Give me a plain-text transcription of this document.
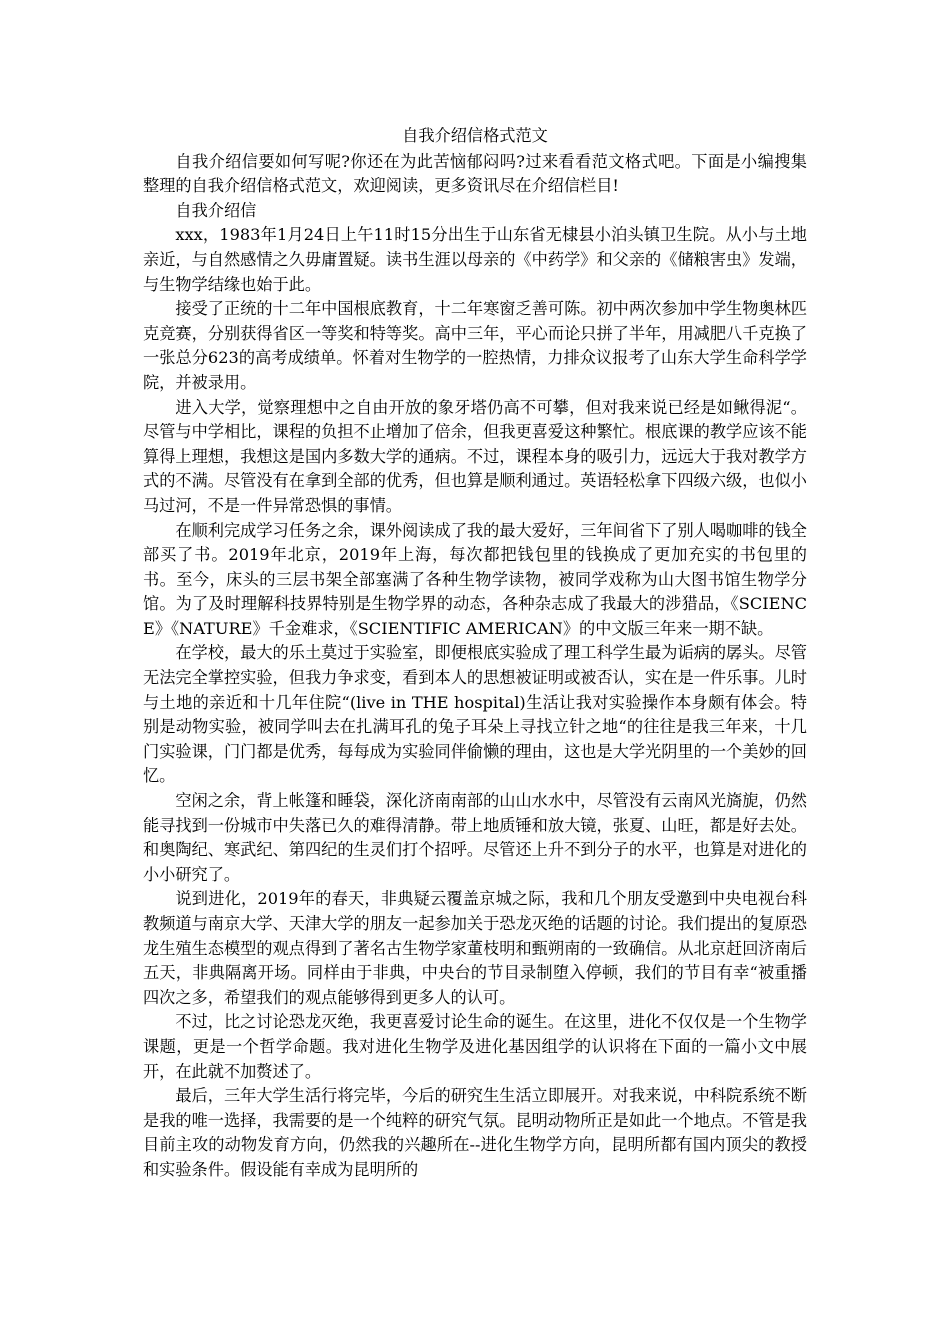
自我介绍信格式范文

自我介绍信要如何写呢?你还在为此苦恼郁闷吗?过来看看范文格式吧。下面是小编搜集整理的自我介绍信格式范文，欢迎阅读，更多资讯尽在介绍信栏目!

自我介绍信

xxx，1983年1月24日上午11时15分出生于山东省无棣县小泊头镇卫生院。从小与土地亲近，与自然感情之久毋庸置疑。读书生涯以母亲的《中药学》和父亲的《储粮害虫》发端，与生物学结缘也始于此。

接受了正统的十二年中国根底教育，十二年寒窗乏善可陈。初中两次参加中学生物奥林匹克竞赛，分别获得省区一等奖和特等奖。高中三年，平心而论只拼了半年，用减肥八千克换了一张总分623的高考成绩单。怀着对生物学的一腔热情，力排众议报考了山东大学生命科学学院，并被录用。

进入大学，觉察理想中之自由开放的象牙塔仍高不可攀，但对我来说已经是如鳅得泥“。尽管与中学相比，课程的负担不止增加了倍余，但我更喜爱这种繁忙。根底课的教学应该不能算得上理想，我想这是国内多数大学的通病。不过，课程本身的吸引力，远远大于我对教学方式的不满。尽管没有在拿到全部的优秀，但也算是顺利通过。英语轻松拿下四级六级，也似小马过河，不是一件异常恐惧的事情。

在顺利完成学习任务之余，课外阅读成了我的最大爱好，三年间省下了别人喝咖啡的钱全部买了书。2019年北京，2019年上海，每次都把钱包里的钱换成了更加充实的书包里的书。至今，床头的三层书架全部塞满了各种生物学读物，被同学戏称为山大图书馆生物学分馆。为了及时理解科技界特别是生物学界的动态，各种杂志成了我最大的涉猎品，《SCIENCE》《NATURE》千金难求，《SCIENTIFIC AMERICAN》的中文版三年来一期不缺。

在学校，最大的乐土莫过于实验室，即便根底实验成了理工科学生最为诟病的孱头。尽管无法完全掌控实验，但我力争求变，看到本人的思想被证明或被否认，实在是一件乐事。儿时与土地的亲近和十几年住院“(live in THE hospital)生活让我对实验操作本身颇有体会。特别是动物实验，被同学叫去在扎满耳孔的兔子耳朵上寻找立针之地“的往往是我三年来，十几门实验课，门门都是优秀，每每成为实验同伴偷懒的理由，这也是大学光阴里的一个美妙的回忆。

空闲之余，背上帐篷和睡袋，深化济南南部的山山水水中，尽管没有云南风光旖旎，仍然能寻找到一份城市中失落已久的难得清静。带上地质锤和放大镜，张夏、山旺，都是好去处。和奥陶纪、寒武纪、第四纪的生灵们打个招呼。尽管还上升不到分子的水平，也算是对进化的小小研究了。

说到进化，2019年的春天，非典疑云覆盖京城之际，我和几个朋友受邀到中央电视台科教频道与南京大学、天津大学的朋友一起参加关于恐龙灭绝的话题的讨论。我们提出的复原恐龙生殖生态模型的观点得到了著名古生物学家董枝明和甄朔南的一致确信。从北京赶回济南后五天，非典隔离开场。同样由于非典，中央台的节目录制堕入停顿，我们的节目有幸“被重播四次之多，希望我们的观点能够得到更多人的认可。

不过，比之讨论恐龙灭绝，我更喜爱讨论生命的诞生。在这里，进化不仅仅是一个生物学课题，更是一个哲学命题。我对进化生物学及进化基因组学的认识将在下面的一篇小文中展开，在此就不加赘述了。

最后，三年大学生活行将完毕，今后的研究生生活立即展开。对我来说，中科院系统不断是我的唯一选择，我需要的是一个纯粹的研究气氛。昆明动物所正是如此一个地点。不管是我目前主攻的动物发育方向，仍然我的兴趣所在--进化生物学方向，昆明所都有国内顶尖的教授和实验条件。假设能有幸成为昆明所的
